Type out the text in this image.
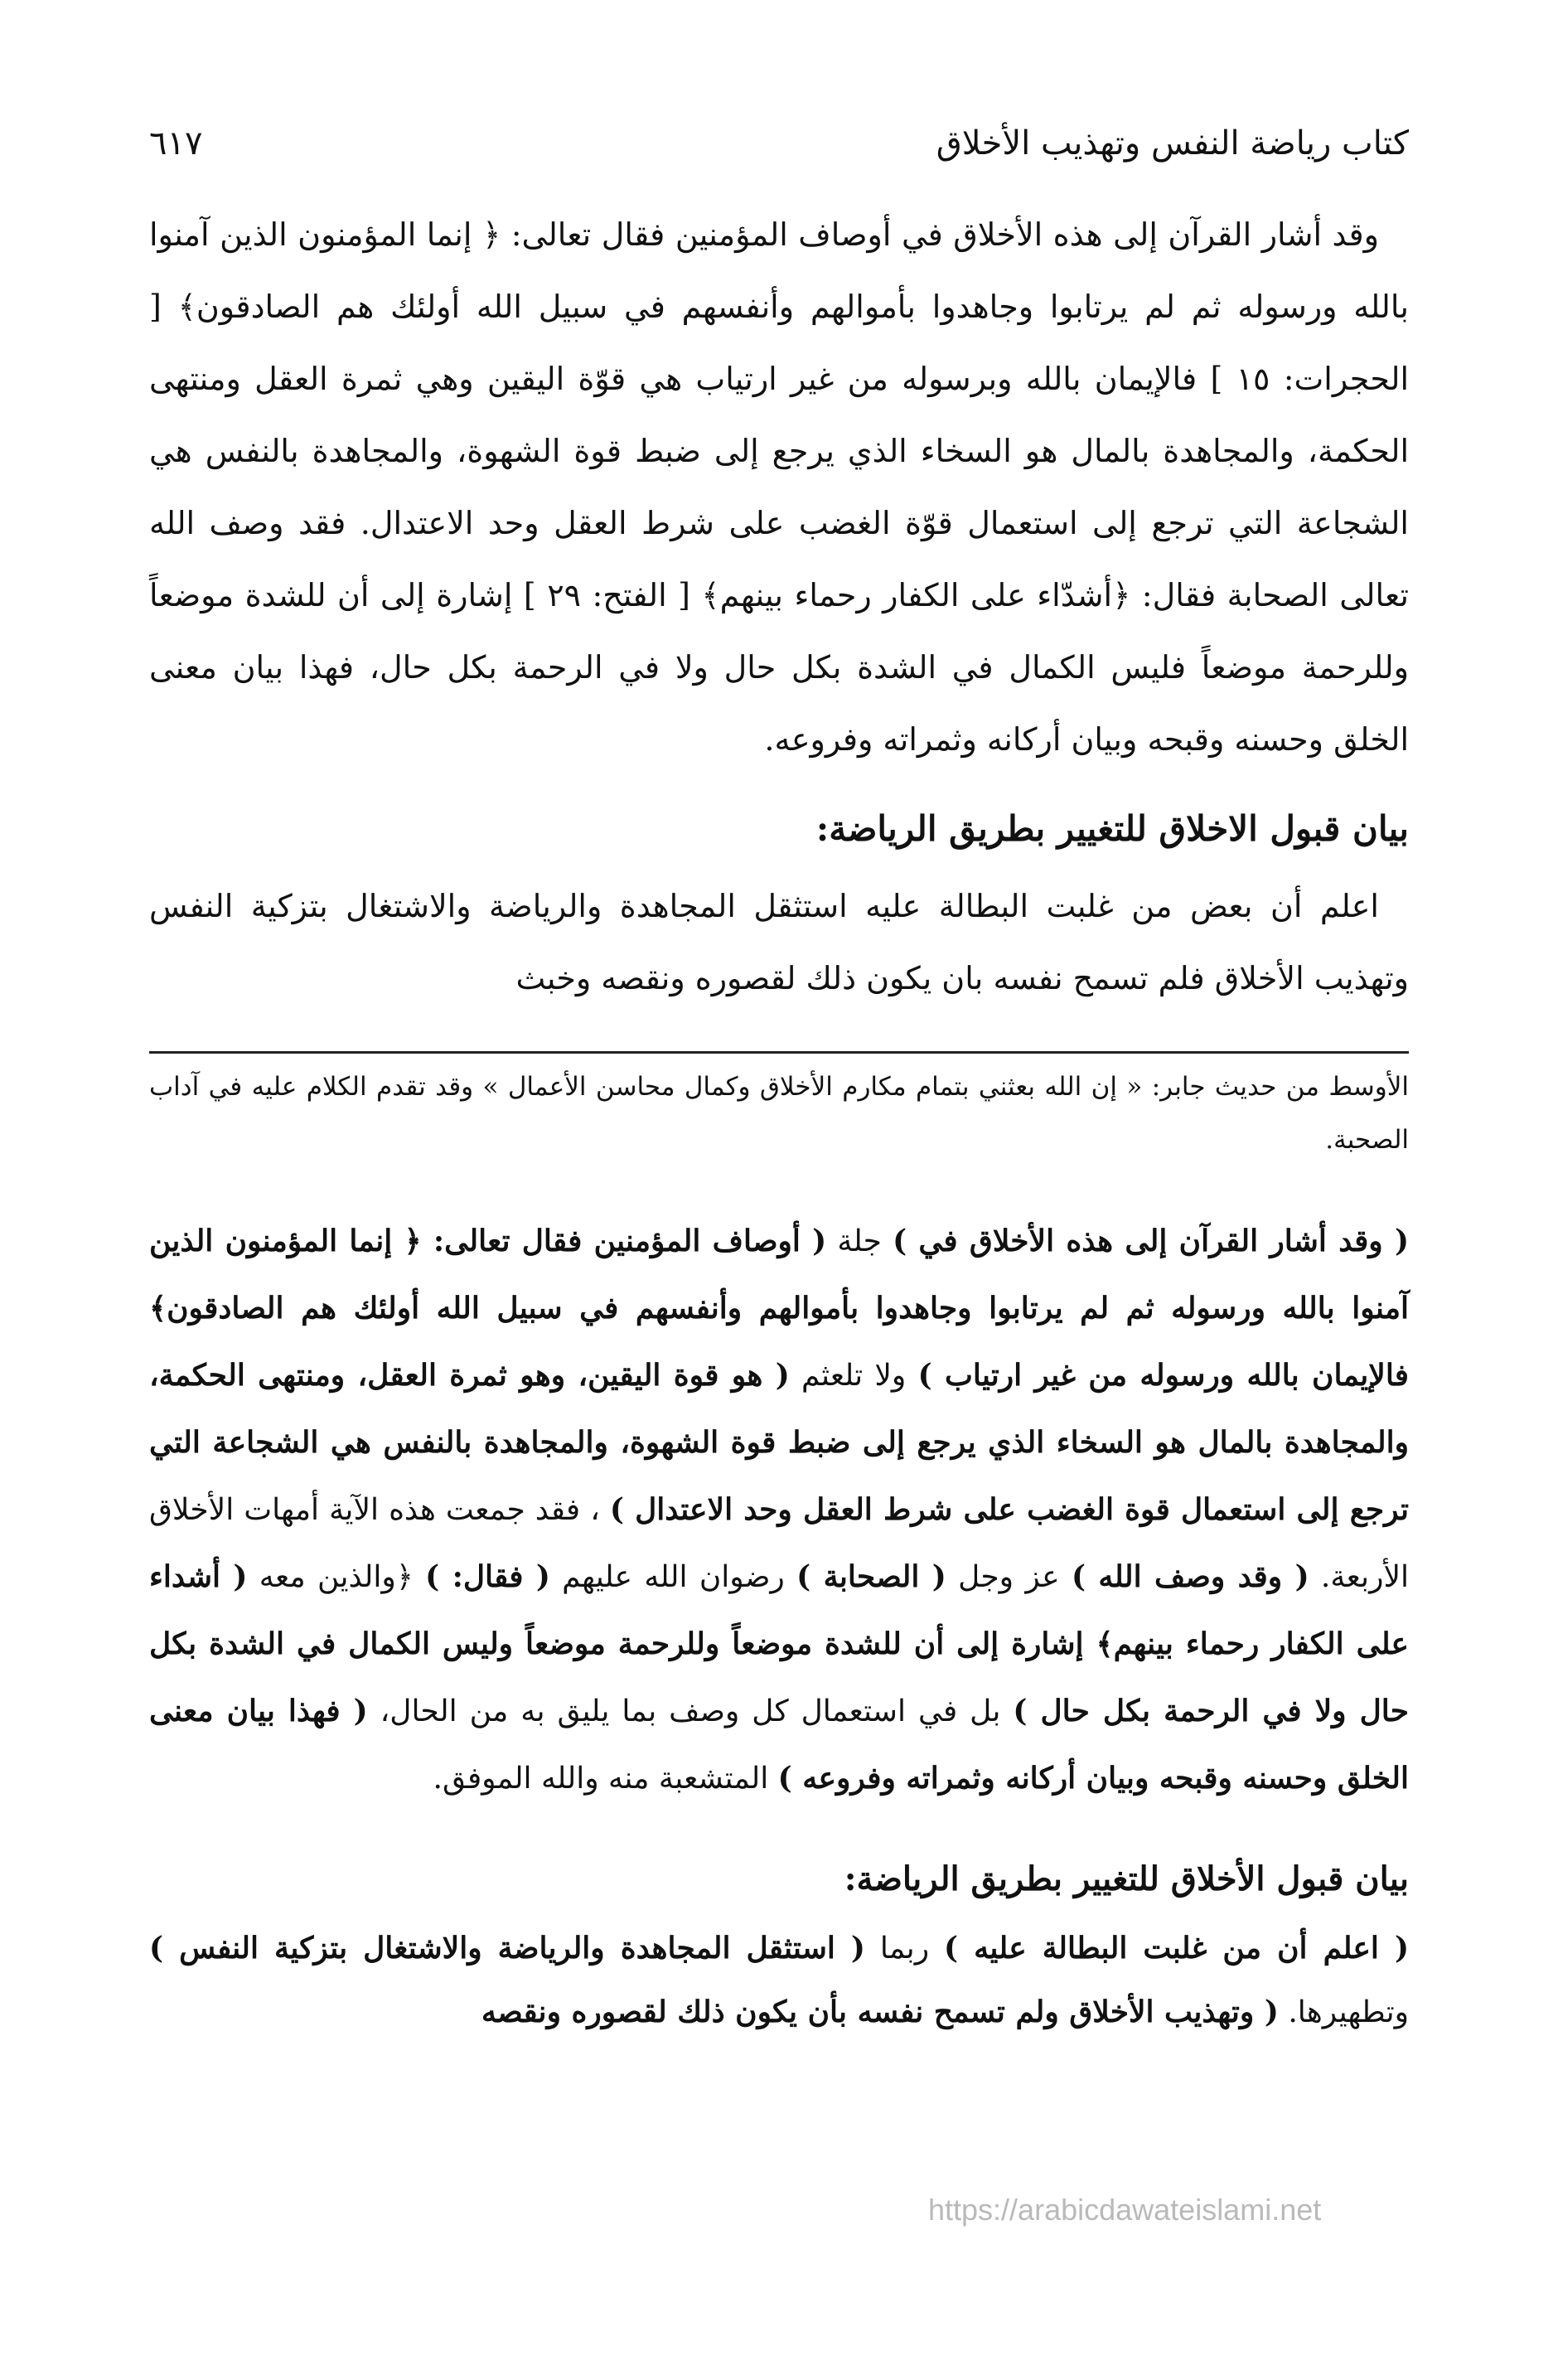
كتاب رياضة النفس وتهذيب الأخلاق
٦١٧

وقد أشار القرآن إلى هذه الأخلاق في أوصاف المؤمنين فقال تعالى: ﴿ إنما المؤمنون الذين آمنوا بالله ورسوله ثم لم يرتابوا وجاهدوا بأموالهم وأنفسهم في سبيل الله أولئك هم الصادقون﴾ [ الحجرات: ١٥ ] فالإيمان بالله وبرسوله من غير ارتياب هي قوّة اليقين وهي ثمرة العقل ومنتهى الحكمة، والمجاهدة بالمال هو السخاء الذي يرجع إلى ضبط قوة الشهوة، والمجاهدة بالنفس هي الشجاعة التي ترجع إلى استعمال قوّة الغضب على شرط العقل وحد الاعتدال. فقد وصف الله تعالى الصحابة فقال: ﴿أشدّاء على الكفار رحماء بينهم﴾ [ الفتح: ٢٩ ] إشارة إلى أن للشدة موضعاً وللرحمة موضعاً فليس الكمال في الشدة بكل حال ولا في الرحمة بكل حال، فهذا بيان معنى الخلق وحسنه وقبحه وبيان أركانه وثمراته وفروعه.

بيان قبول الاخلاق للتغيير بطريق الرياضة:

اعلم أن بعض من غلبت البطالة عليه استثقل المجاهدة والرياضة والاشتغال بتزكية النفس وتهذيب الأخلاق فلم تسمح نفسه بان يكون ذلك لقصوره ونقصه وخبث

الأوسط من حديث جابر: « إن الله بعثني بتمام مكارم الأخلاق وكمال محاسن الأعمال » وقد تقدم الكلام عليه في آداب الصحبة.

( وقد أشار القرآن إلى هذه الأخلاق في ) جلة ( أوصاف المؤمنين فقال تعالى: ﴿ إنما المؤمنون الذين آمنوا بالله ورسوله ثم لم يرتابوا وجاهدوا بأموالهم وأنفسهم في سبيل الله أولئك هم الصادقون﴾ فالإيمان بالله ورسوله من غير ارتياب ) ولا تلعثم ( هو قوة اليقين، وهو ثمرة العقل، ومنتهى الحكمة، والمجاهدة بالمال هو السخاء الذي يرجع إلى ضبط قوة الشهوة، والمجاهدة بالنفس هي الشجاعة التي ترجع إلى استعمال قوة الغضب على شرط العقل وحد الاعتدال ) ، فقد جمعت هذه الآية أمهات الأخلاق الأربعة. ( وقد وصف الله ) عز وجل ( الصحابة ) رضوان الله عليهم ( فقال: ) ﴿والذين معه ( أشداء على الكفار رحماء بينهم﴾ إشارة إلى أن للشدة موضعاً وللرحمة موضعاً وليس الكمال في الشدة بكل حال ولا في الرحمة بكل حال ) بل في استعمال كل وصف بما يليق به من الحال، ( فهذا بيان معنى الخلق وحسنه وقبحه وبيان أركانه وثمراته وفروعه ) المتشعبة منه والله الموفق.

بيان قبول الأخلاق للتغيير بطريق الرياضة:

( اعلم أن من غلبت البطالة عليه ) ربما ( استثقل المجاهدة والرياضة والاشتغال بتزكية النفس ) وتطهيرها. ( وتهذيب الأخلاق ولم تسمح نفسه بأن يكون ذلك لقصوره ونقصه

https://arabicdawateislami.net
